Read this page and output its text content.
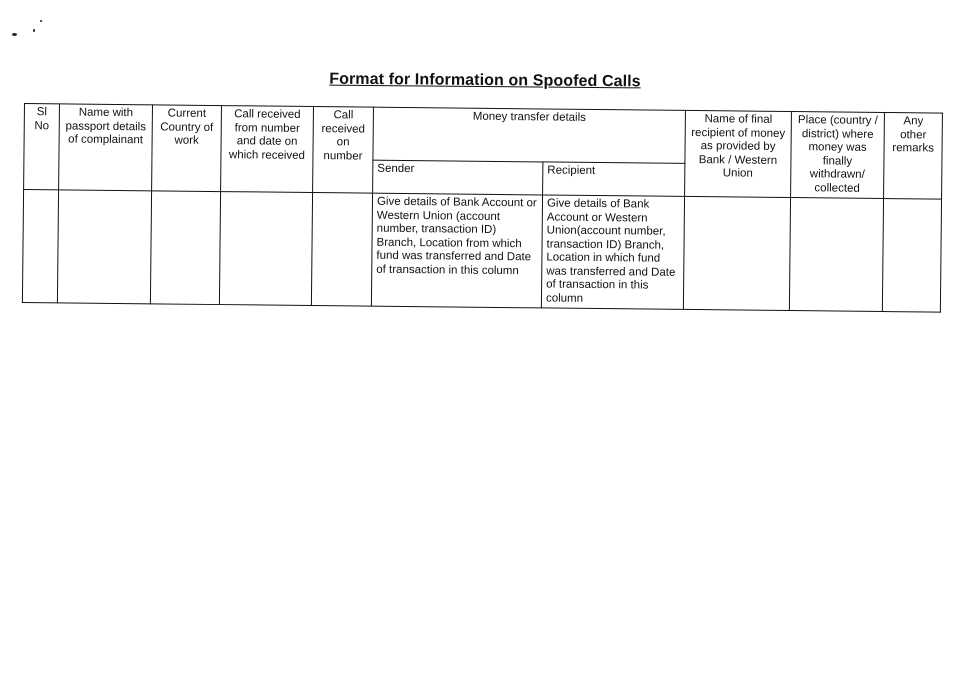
Format for Information on Spoofed Calls
Sl No	Name with passport details of complainant	Current Country of work	Call received from number and date on which received	Call received on number	Money transfer details		Name of final recipient of money as provided by Bank / Western Union	Place (country / district) where money was finally withdrawn/ collected	Any other remarks
					Sender	Recipient			
					Give details of Bank Account or Western Union (account number, transaction ID) Branch, Location from which fund was transferred and Date of transaction in this column	Give details of Bank Account or Western Union(account number, transaction ID) Branch, Location in which fund was transferred and Date of transaction in this column			
